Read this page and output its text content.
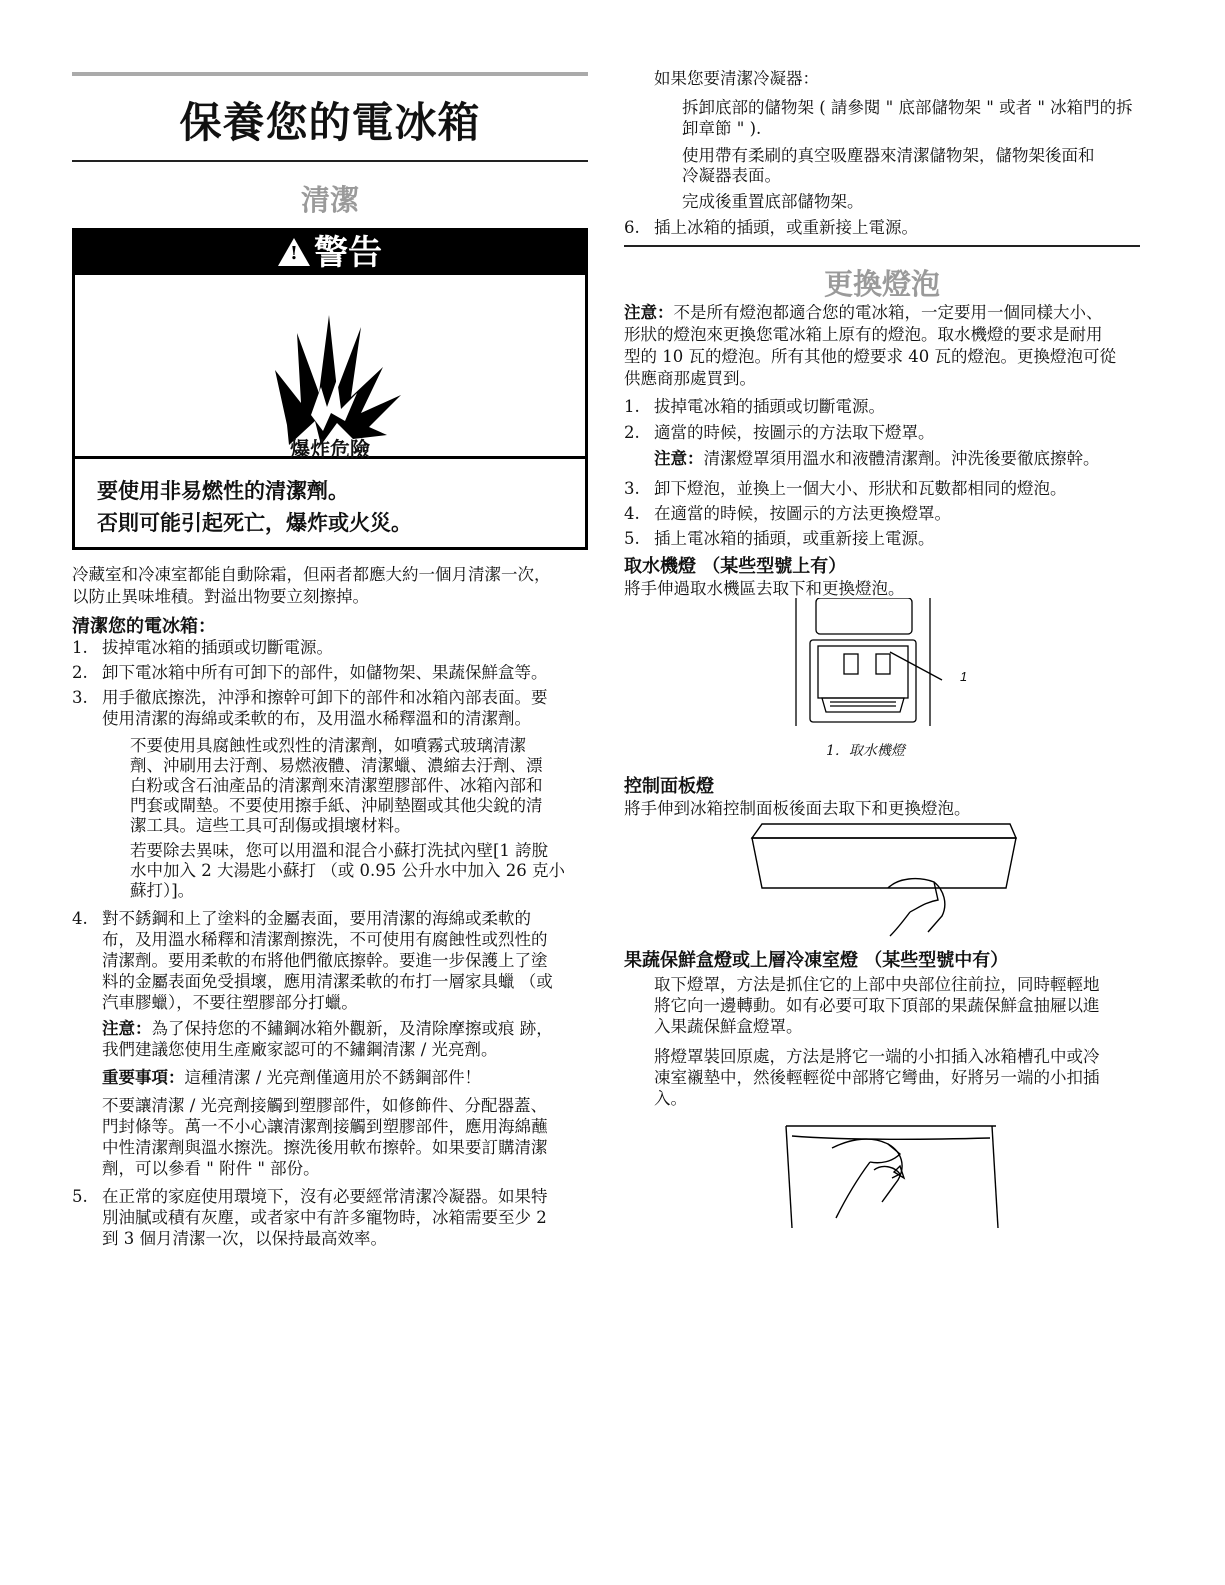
保養您的電冰箱
清潔
!警告
爆炸危險
要使用非易燃性的清潔劑。
否則可能引起死亡，爆炸或火災。

冷藏室和冷凍室都能自動除霜，但兩者都應大約一個月清潔一次，

以防止異味堆積。對溢出物要立刻擦掉。

清潔您的電冰箱：

1. 拔掉電冰箱的插頭或切斷電源。

2. 卸下電冰箱中所有可卸下的部件，如儲物架、果蔬保鮮盒等。

3. 用手徹底擦洗，沖淨和擦幹可卸下的部件和冰箱內部表面。要

使用清潔的海綿或柔軟的布，及用溫水稀釋溫和的清潔劑。

不要使用具腐蝕性或烈性的清潔劑，如噴霧式玻璃清潔

劑、沖刷用去汙劑、易燃液體、清潔蠟、濃縮去汙劑、漂

白粉或含石油產品的清潔劑來清潔塑膠部件、冰箱內部和

門套或閘墊。不要使用擦手紙、沖刷墊圈或其他尖銳的清

潔工具。這些工具可刮傷或損壞材料。

若要除去異味，您可以用溫和混合小蘇打洗拭內壁[1 誇脫

水中加入 2 大湯匙小蘇打 （或 0.95 公升水中加入 26 克小

蘇打）]。

4. 對不銹鋼和上了塗料的金屬表面，要用清潔的海綿或柔軟的

布，及用溫水稀釋和清潔劑擦洗，不可使用有腐蝕性或烈性的

清潔劑。要用柔軟的布將他們徹底擦幹。要進一步保護上了塗

料的金屬表面免受損壞，應用清潔柔軟的布打一層家具蠟 （或

汽車膠蠟），不要往塑膠部分打蠟。

注意：為了保持您的不鏽鋼冰箱外觀新，及清除摩擦或痕 跡，

我們建議您使用生產廠家認可的不鏽鋼清潔 / 光亮劑。

重要事項：這種清潔 / 光亮劑僅適用於不銹鋼部件！

不要讓清潔 / 光亮劑接觸到塑膠部件，如修飾件、分配器蓋、

門封條等。萬一不小心讓清潔劑接觸到塑膠部件，應用海綿蘸

中性清潔劑與溫水擦洗。擦洗後用軟布擦幹。如果要訂購清潔

劑，可以參看 " 附件 " 部份。

5. 在正常的家庭使用環境下，沒有必要經常清潔冷凝器。如果特

別油膩或積有灰塵，或者家中有許多寵物時，冰箱需要至少 2

到 3 個月清潔一次，以保持最高效率。

如果您要清潔冷凝器：

拆卸底部的儲物架 ( 請參閱 " 底部儲物架 " 或者 " 冰箱門的拆

卸章節 " ).

使用帶有柔刷的真空吸塵器來清潔儲物架，儲物架後面和

冷凝器表面。

完成後重置底部儲物架。

6. 插上冰箱的插頭，或重新接上電源。

更換燈泡

注意：不是所有燈泡都適合您的電冰箱，一定要用一個同樣大小、

形狀的燈泡來更換您電冰箱上原有的燈泡。取水機燈的要求是耐用

型的 10 瓦的燈泡。所有其他的燈要求 40 瓦的燈泡。更換燈泡可從

供應商那處買到。

1. 拔掉電冰箱的插頭或切斷電源。

2. 適當的時候，按圖示的方法取下燈罩。

注意：清潔燈罩須用溫水和液體清潔劑。沖洗後要徹底擦幹。

3. 卸下燈泡，並換上一個大小、形狀和瓦數都相同的燈泡。

4. 在適當的時候，按圖示的方法更換燈罩。

5. 插上電冰箱的插頭，或重新接上電源。

取水機燈 （某些型號上有）

將手伸過取水機區去取下和更換燈泡。

1

1．取水機燈

控制面板燈

將手伸到冰箱控制面板後面去取下和更換燈泡。

果蔬保鮮盒燈或上層冷凍室燈 （某些型號中有）

取下燈罩，方法是抓住它的上部中央部位往前拉，同時輕輕地

將它向一邊轉動。如有必要可取下頂部的果蔬保鮮盒抽屜以進

入果蔬保鮮盒燈罩。

將燈罩裝回原處，方法是將它一端的小扣插入冰箱槽孔中或冷

凍室襯墊中，然後輕輕從中部將它彎曲，好將另一端的小扣插

入。
